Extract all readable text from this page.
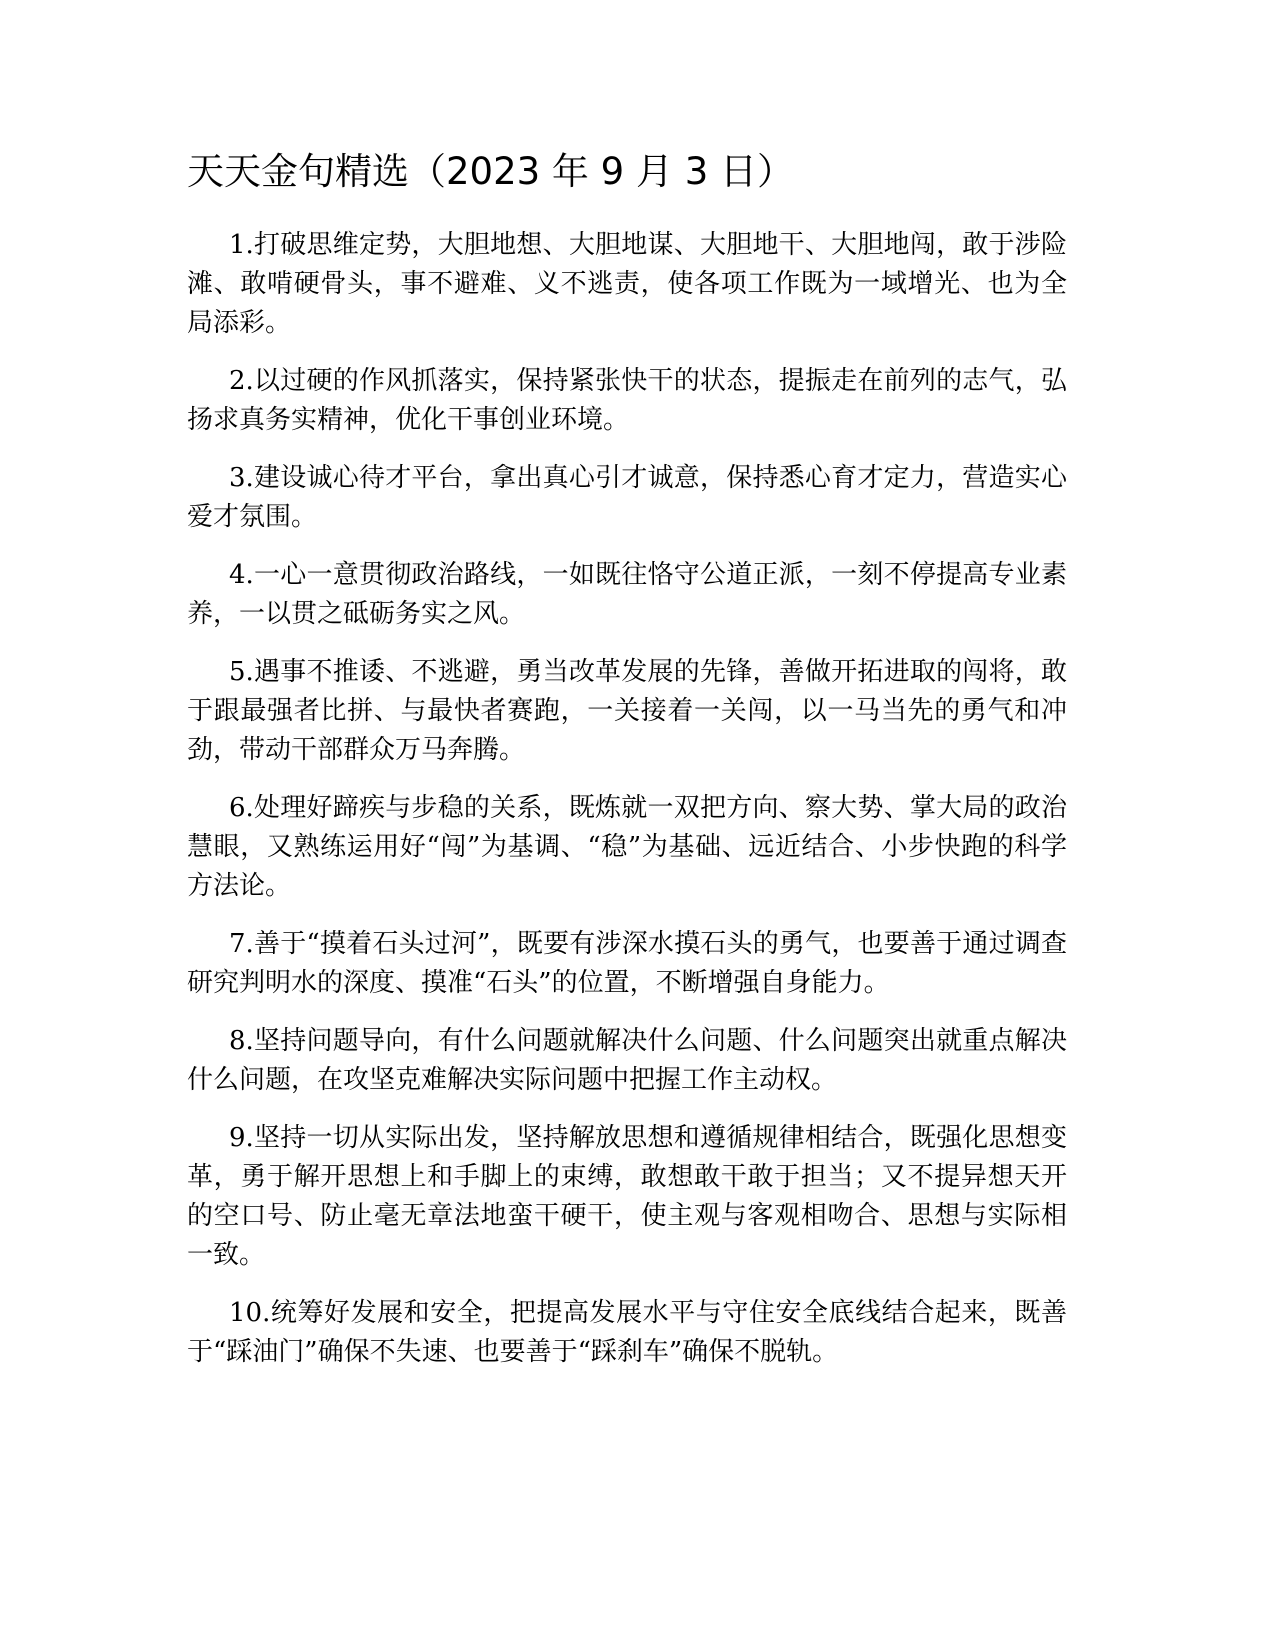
天天金句精选（2023 年 9 月 3 日）

1.打破思维定势，大胆地想、大胆地谋、大胆地干、大胆地闯，敢于涉险滩、敢啃硬骨头，事不避难、义不逃责，使各项工作既为一域增光、也为全局添彩。

2.以过硬的作风抓落实，保持紧张快干的状态，提振走在前列的志气，弘扬求真务实精神，优化干事创业环境。

3.建设诚心待才平台，拿出真心引才诚意，保持悉心育才定力，营造实心爱才氛围。

4.一心一意贯彻政治路线，一如既往恪守公道正派，一刻不停提高专业素养，一以贯之砥砺务实之风。

5.遇事不推诿、不逃避，勇当改革发展的先锋，善做开拓进取的闯将，敢于跟最强者比拼、与最快者赛跑，一关接着一关闯，以一马当先的勇气和冲劲，带动干部群众万马奔腾。

6.处理好蹄疾与步稳的关系，既炼就一双把方向、察大势、掌大局的政治慧眼，又熟练运用好“闯”为基调、“稳”为基础、远近结合、小步快跑的科学方法论。

7.善于“摸着石头过河”，既要有涉深水摸石头的勇气，也要善于通过调查研究判明水的深度、摸准“石头”的位置，不断增强自身能力。

8.坚持问题导向，有什么问题就解决什么问题、什么问题突出就重点解决什么问题，在攻坚克难解决实际问题中把握工作主动权。

9.坚持一切从实际出发，坚持解放思想和遵循规律相结合，既强化思想变革，勇于解开思想上和手脚上的束缚，敢想敢干敢于担当；又不提异想天开的空口号、防止毫无章法地蛮干硬干，使主观与客观相吻合、思想与实际相一致。

10.统筹好发展和安全，把提高发展水平与守住安全底线结合起来，既善于“踩油门”确保不失速、也要善于“踩刹车”确保不脱轨。
